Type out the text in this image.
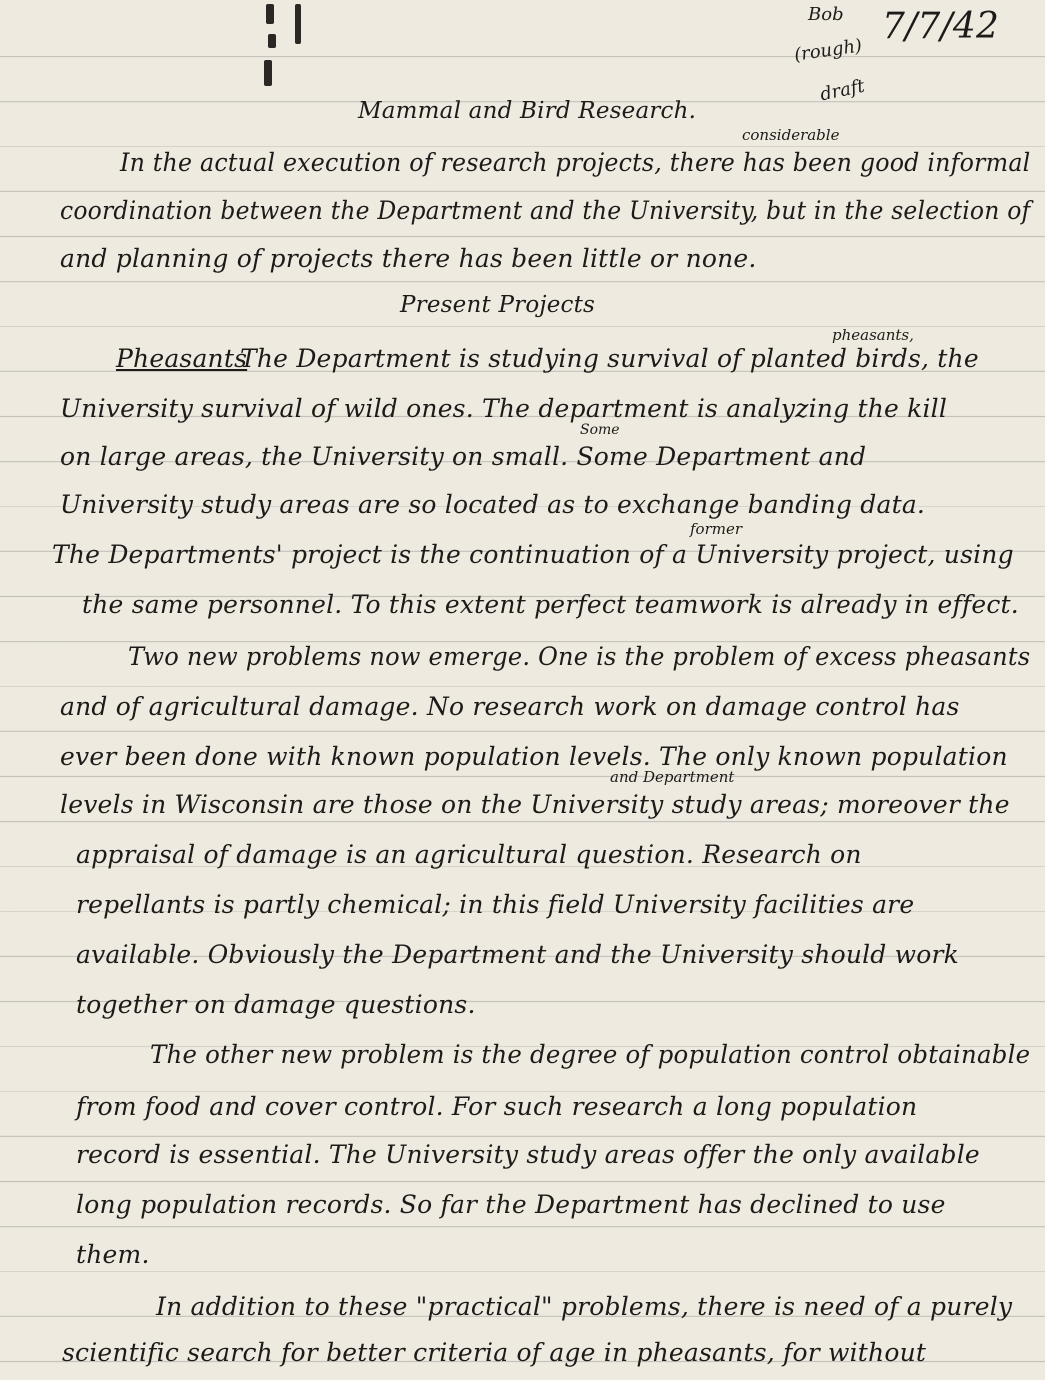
Bob
(rough)
draft
7/7/42
Mammal and Bird Research.
considerable
In the actual execution of research projects, there has been good informal
coordination between the Department and the University, but in the selection of
and planning of projects there has been little or none.
Present Projects
pheasants,
Pheasants
The Department is studying survival of planted birds, the
University survival of wild ones. The department is analyzing the kill
Some
on large areas, the University on small. Some Department and
University study areas are so located as to exchange banding data.
former
The Departments' project is the continuation of a University project, using
the same personnel. To this extent perfect teamwork is already in effect.
Two new problems now emerge. One is the problem of excess pheasants
and of agricultural damage. No research work on damage control has
ever been done with known population levels. The only known population
and Department
levels in Wisconsin are those on the University study areas; moreover the
appraisal of damage is an agricultural question. Research on
repellants is partly chemical; in this field University facilities are
available. Obviously the Department and the University should work
together on damage questions.
The other new problem is the degree of population control obtainable
from food and cover control. For such research a long population
record is essential. The University study areas offer the only available
long population records. So far the Department has declined to use
them.
In addition to these "practical" problems, there is need of a purely
scientific search for better criteria of age in pheasants, for without
